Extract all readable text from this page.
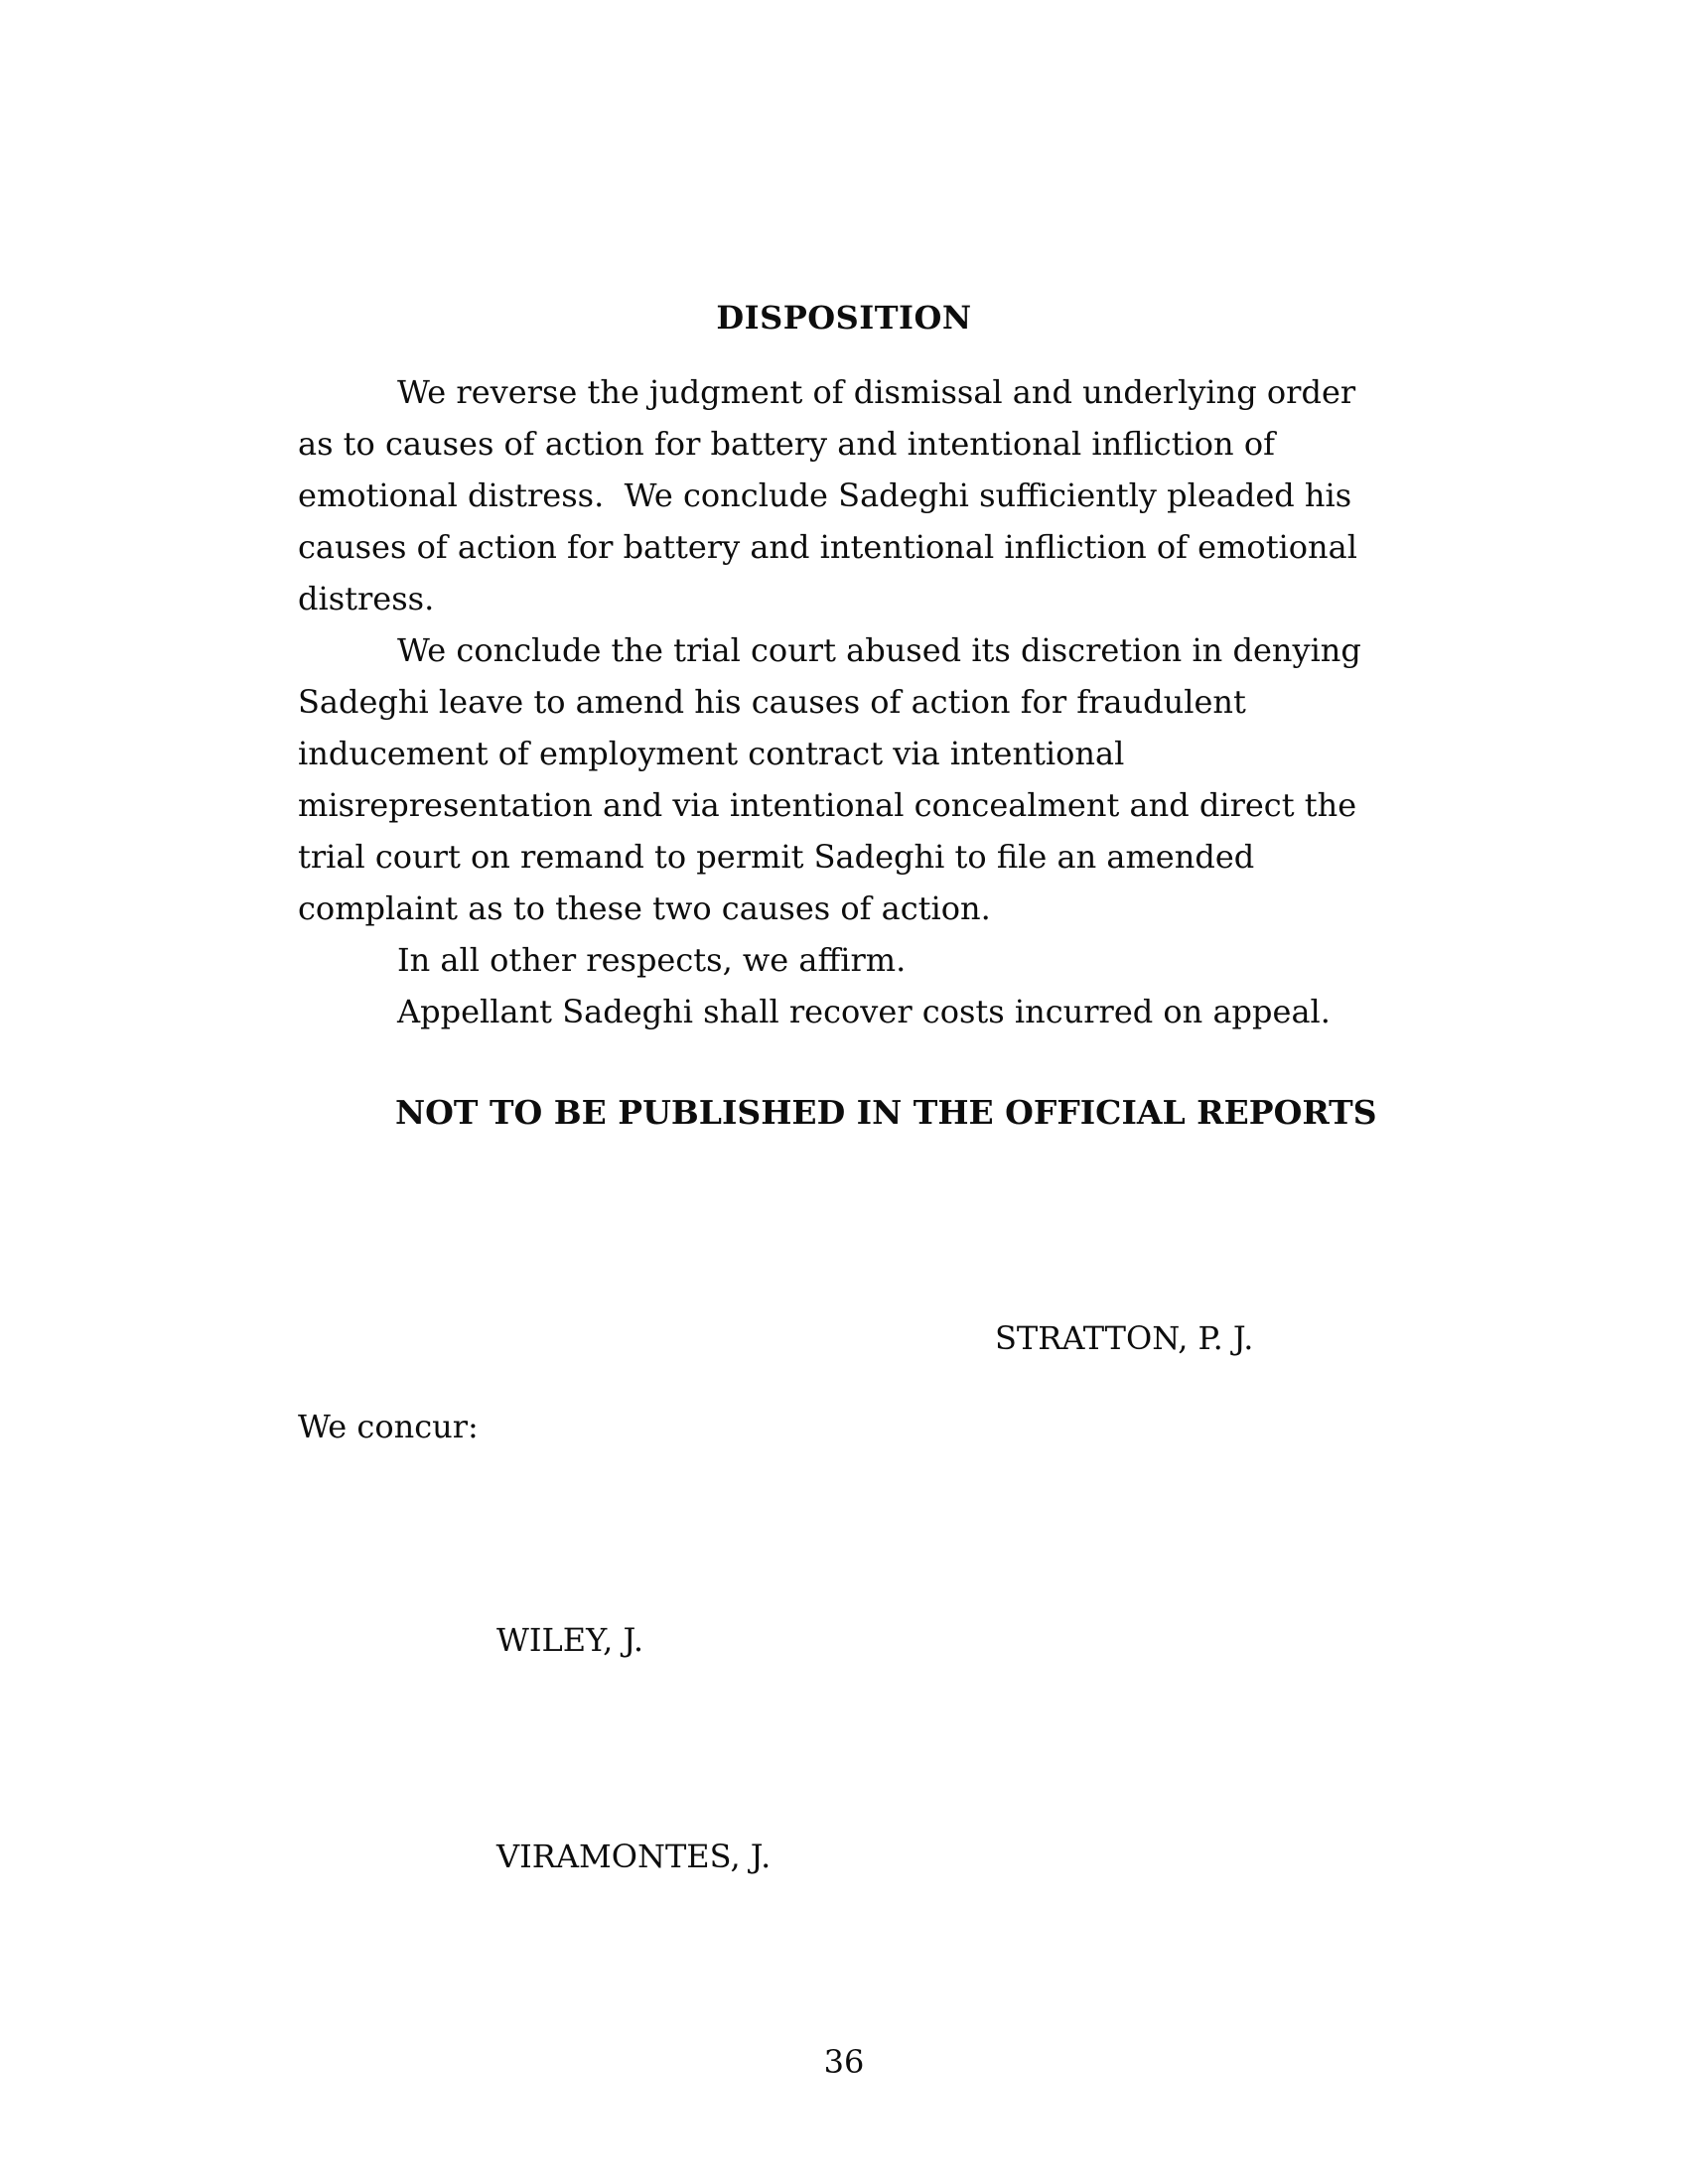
DISPOSITION
We reverse the judgment of dismissal and underlying order
as to causes of action for battery and intentional infliction of
emotional distress.  We conclude Sadeghi sufficiently pleaded his
causes of action for battery and intentional infliction of emotional
distress.
We conclude the trial court abused its discretion in denying
Sadeghi leave to amend his causes of action for fraudulent
inducement of employment contract via intentional
misrepresentation and via intentional concealment and direct the
trial court on remand to permit Sadeghi to file an amended
complaint as to these two causes of action.
In all other respects, we affirm.
Appellant Sadeghi shall recover costs incurred on appeal.

NOT TO BE PUBLISHED IN THE OFFICIAL REPORTS

STRATTON, P. J.
We concur:
WILEY, J.
VIRAMONTES, J.
36
